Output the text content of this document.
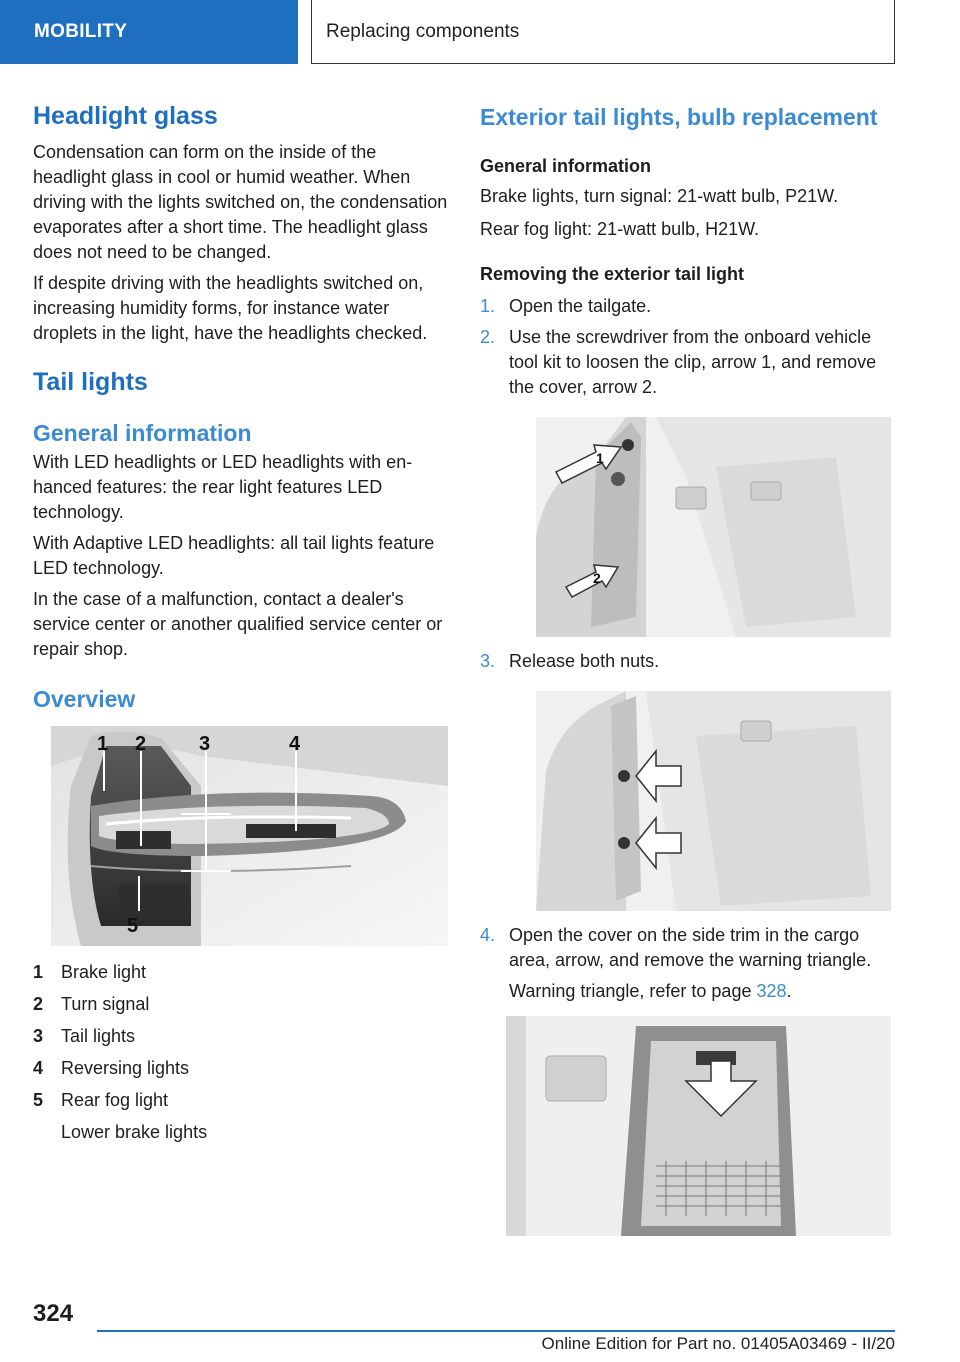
MOBILITY	Replacing components
Headlight glass

Condensation can form on the inside of the headlight glass in cool or humid weather. When driving with the lights switched on, the condensation evaporates after a short time. The headlight glass does not need to be changed.

If despite driving with the headlights switched on, increasing humidity forms, for instance water droplets in the light, have the headlights checked.

Tail lights
General information

With LED headlights or LED headlights with enhanced features: the rear light features LED technology.

With Adaptive LED headlights: all tail lights feature LED technology.

In the case of a malfunction, contact a dealer's service center or another qualified service center or repair shop.

Overview
1 2	3	4
5
1 Brake light
2 Turn signal
3 Tail lights
4 Reversing lights
5 Rear fog light
Lower brake lights
Exterior tail lights, bulb replacement
General information

Brake lights, turn signal: 21-watt bulb, P21W.

Rear fog light: 21-watt bulb, H21W.

Removing the exterior tail light
1. Open the tailgate.
2. Use the screwdriver from the onboard vehicle tool kit to loosen the clip, arrow 1, and remove the cover, arrow 2.
1
2
3. Release both nuts.
4. Open the cover on the side trim in the cargo area, arrow, and remove the warning triangle.
Warning triangle, refer to page 328.
324
Online Edition for Part no. 01405A03469 - II/20
